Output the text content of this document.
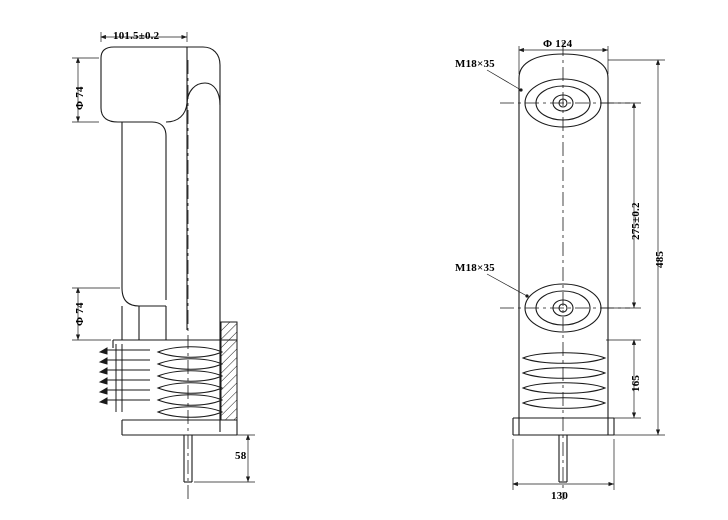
101.5±0.2
Φ 74
Φ 74
58
M18×35
M18×35
Φ 124
275±0.2
485
165
130
